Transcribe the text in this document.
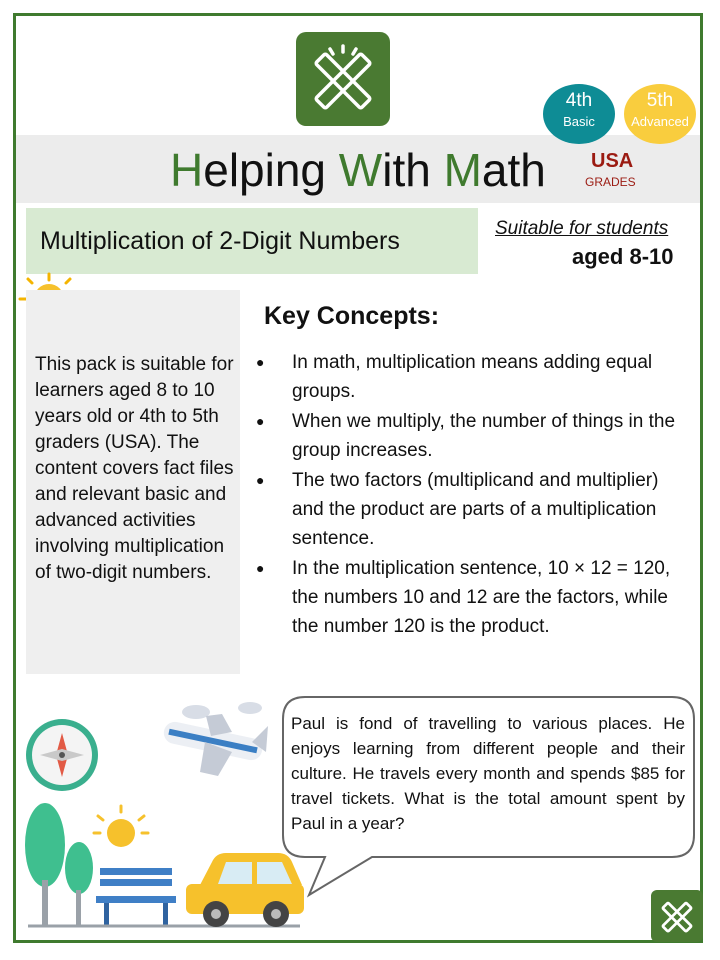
Helping With Math
4th
Basic
5th
Advanced
USA
GRADES
Multiplication of 2-Digit Numbers	Suitable for students
aged 8-10
This pack is suitable for learners aged 8 to 10 years old or 4th to 5th graders (USA). The content covers fact files and relevant basic and advanced activities involving multiplication of two-digit numbers.
Key Concepts:
● In math, multiplication means adding equal groups.
● When we multiply, the number of things in the group increases.
● The two factors (multiplicand and multiplier) and the product are parts of a multiplication sentence.
● In the multiplication sentence, 10 × 12 = 120, the numbers 10 and 12 are the factors, while the number 120 is the product.
Paul is fond of travelling to various places. He enjoys learning from different people and their culture. He travels every month and spends $85 for travel tickets. What is the total amount spent by Paul in a year?
